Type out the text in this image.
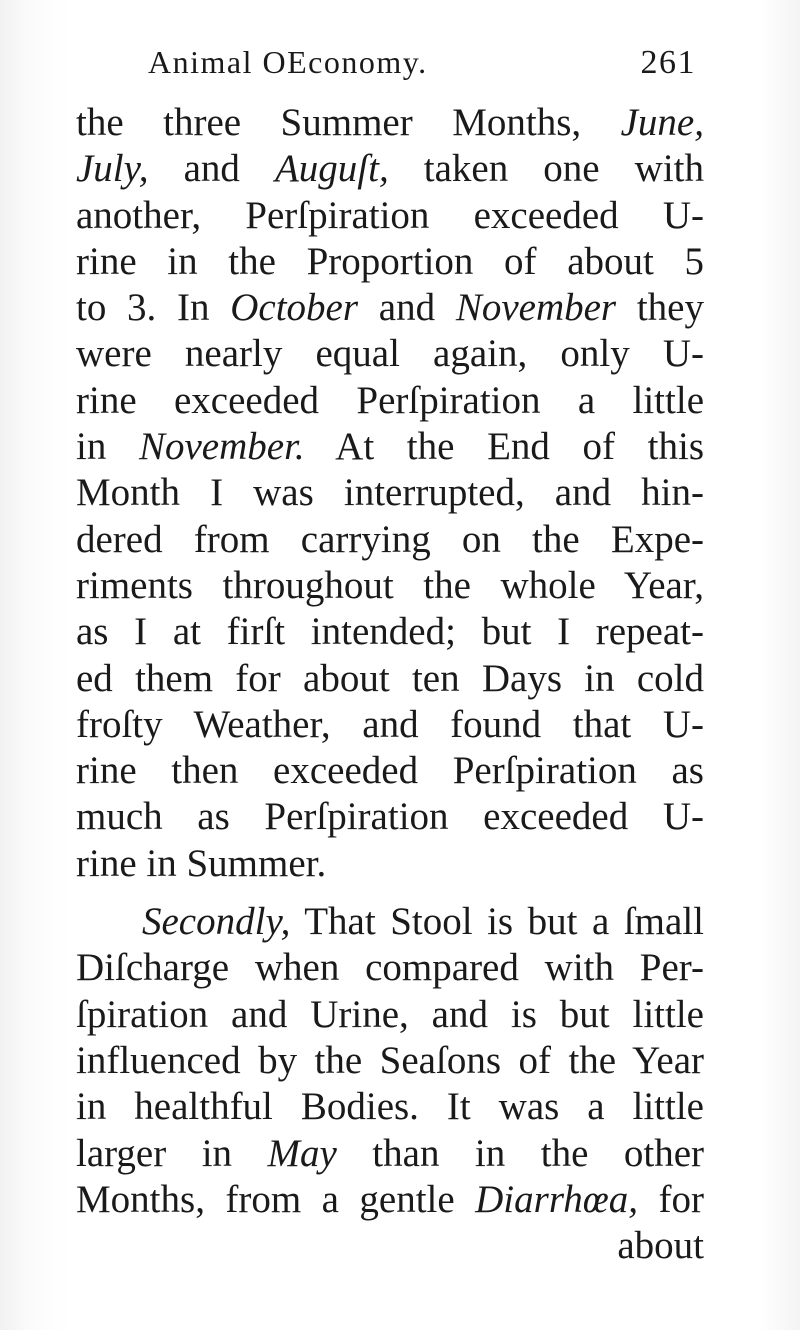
Animal OEconomy.	261
the three Summer Months, June,
July, and Auguſt, taken one with
another, Perſpiration exceeded U-
rine in the Proportion of about 5
to 3. In October and November they
were nearly equal again, only U-
rine exceeded Perſpiration a little
in November. At the End of this
Month I was interrupted, and hin-
dered from carrying on the Expe-
riments throughout the whole Year,
as I at firſt intended; but I repeat-
ed them for about ten Days in cold
froſty Weather, and found that U-
rine then exceeded Perſpiration as
much as Perſpiration exceeded U-
rine in Summer.
Secondly, That Stool is but a ſmall
Diſcharge when compared with Per-
ſpiration and Urine, and is but little
influenced by the Seaſons of the Year
in healthful Bodies. It was a little
larger in May than in the other
Months, from a gentle Diarrhœa, for
about
